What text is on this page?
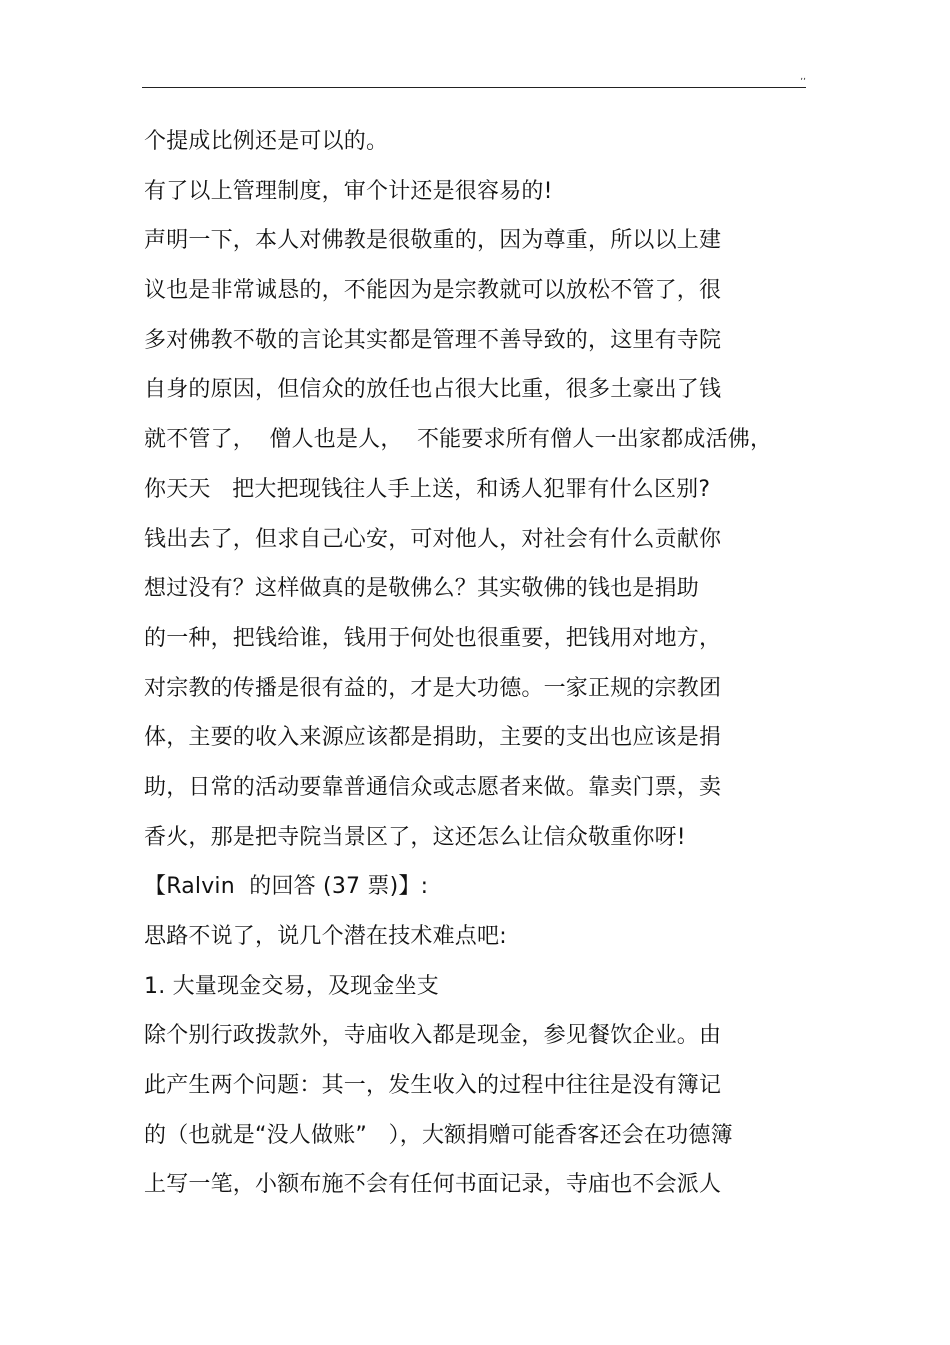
,,
个提成比例还是可以的。
有了以上管理制度，审个计还是很容易的!
声明一下，本人对佛教是很敬重的，因为尊重，所以以上建
议也是非常诚恳的，不能因为是宗教就可以放松不管了，很
多对佛教不敬的言论其实都是管理不善导致的，这里有寺院
自身的原因，但信众的放任也占很大比重，很多土豪出了钱
就不管了，  僧人也是人，  不能要求所有僧人一出家都成活佛，
你天天   把大把现钱往人手上送，和诱人犯罪有什么区别?
钱出去了，但求自己心安，可对他人，对社会有什么贡献你
想过没有？这样做真的是敬佛么？其实敬佛的钱也是捐助
的一种，把钱给谁，钱用于何处也很重要，把钱用对地方，
对宗教的传播是很有益的，才是大功德。一家正规的宗教团
体，主要的收入来源应该都是捐助，主要的支出也应该是捐
助，日常的活动要靠普通信众或志愿者来做。靠卖门票，卖
香火，那是把寺院当景区了，这还怎么让信众敬重你呀!
【Ralvin  的回答 (37 票)】:
思路不说了，说几个潜在技术难点吧:
1. 大量现金交易，及现金坐支
除个别行政拨款外，寺庙收入都是现金，参见餐饮企业。由
此产生两个问题：其一，发生收入的过程中往往是没有簿记
的（也就是“没人做账”   ），大额捐赠可能香客还会在功德簿
上写一笔，小额布施不会有任何书面记录，寺庙也不会派人
